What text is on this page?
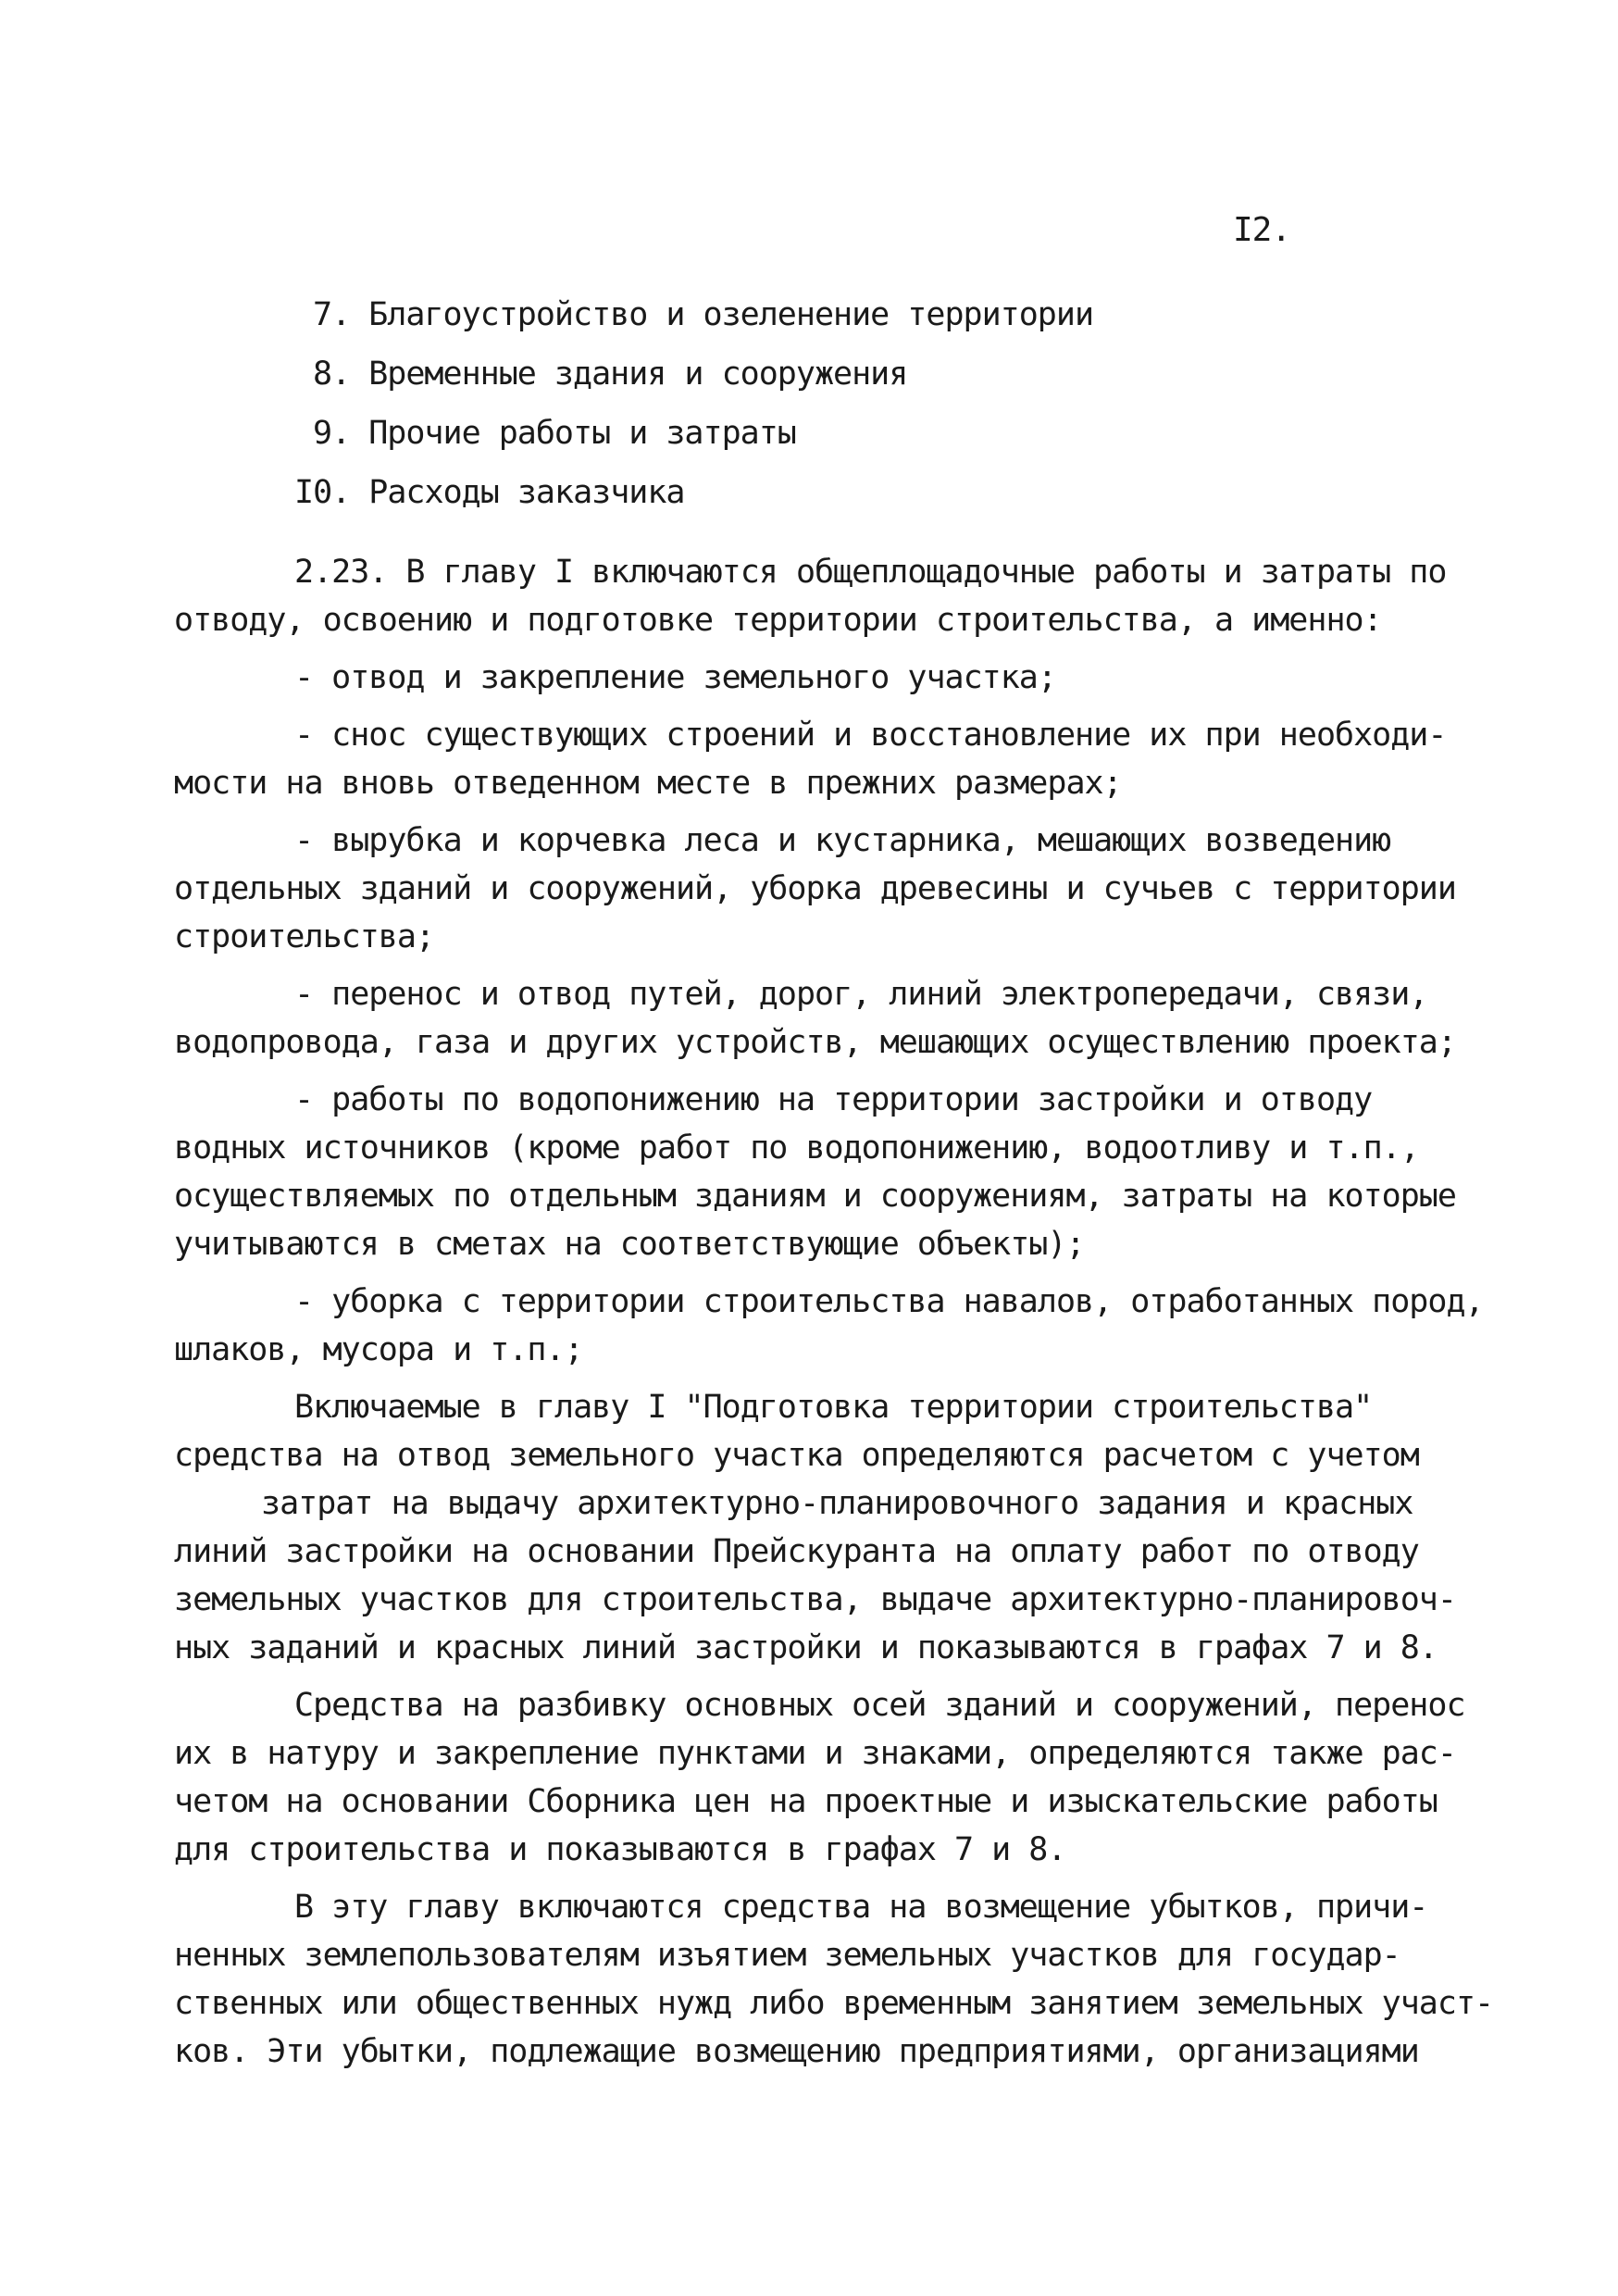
I2.
7. Благоустройство и озеленение территории
8. Временные здания и сооружения
9. Прочие работы и затраты
I0. Расходы заказчика
2.23. В главу I включаются общеплощадочные работы и затраты по
отводу, освоению и подготовке территории строительства, а именно:
- отвод и закрепление земельного участка;
- снос существующих строений и восстановление их при необходи-
мости на вновь отведенном месте в прежних размерах;
- вырубка и корчевка леса и кустарника, мешающих возведению
отдельных зданий и сооружений, уборка древесины и сучьев с территории
строительства;
- перенос и отвод путей, дорог, линий электропередачи, связи,
водопровода, газа и других устройств, мешающих осуществлению проекта;
- работы по водопонижению на территории застройки и отводу
водных источников (кроме работ по водопонижению, водоотливу и т.п.,
осуществляемых по отдельным зданиям и сооружениям, затраты на которые
учитываются в сметах на соответствующие объекты);
- уборка с территории строительства навалов, отработанных пород,
шлаков, мусора и т.п.;
Включаемые в главу I "Подготовка территории строительства"
средства на отвод земельного участка определяются расчетом с учетом
затрат на выдачу архитектурно-планировочного задания и красных
линий застройки на основании Прейскуранта на оплату работ по отводу
земельных участков для строительства, выдаче архитектурно-планировоч-
ных заданий и красных линий застройки и показываются в графах 7 и 8.
Средства на разбивку основных осей зданий и сооружений, перенос
их в натуру и закрепление пунктами и знаками, определяются также рас-
четом на основании Сборника цен на проектные и изыскательские работы
для строительства и показываются в графах 7 и 8.
В эту главу включаются средства на возмещение убытков, причи-
ненных землепользователям изъятием земельных участков для государ-
ственных или общественных нужд либо временным занятием земельных участ-
ков. Эти убытки, подлежащие возмещению предприятиями, организациями
